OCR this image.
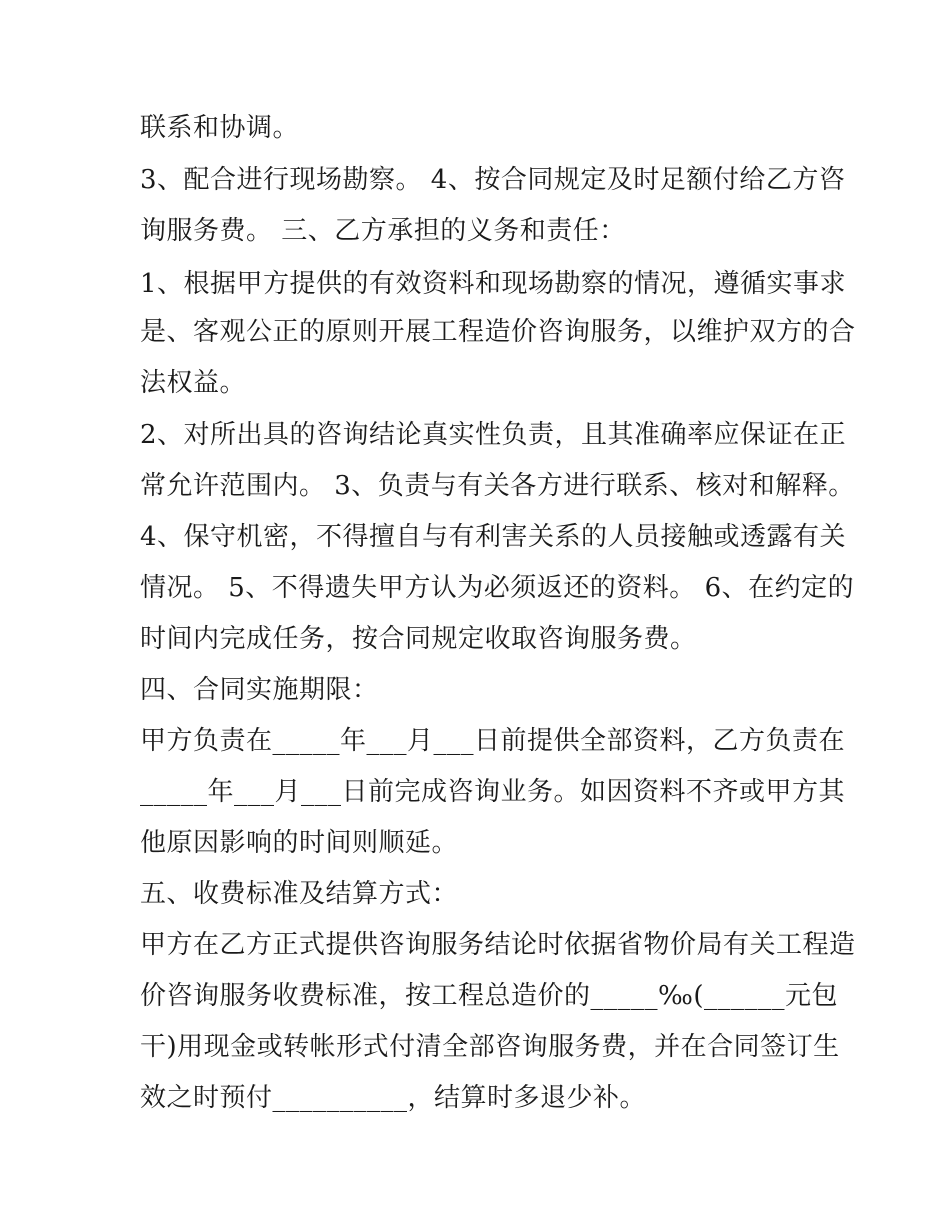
联系和协调。
3、配合进行现场勘察。 4、按合同规定及时足额付给乙方咨
询服务费。 三、乙方承担的义务和责任：
1、根据甲方提供的有效资料和现场勘察的情况，遵循实事求
是、客观公正的原则开展工程造价咨询服务，以维护双方的合
法权益。
2、对所出具的咨询结论真实性负责，且其准确率应保证在正
常允许范围内。 3、负责与有关各方进行联系、核对和解释。
4、保守机密，不得擅自与有利害关系的人员接触或透露有关
情况。 5、不得遗失甲方认为必须返还的资料。 6、在约定的
时间内完成任务，按合同规定收取咨询服务费。
四、合同实施期限：
甲方负责在_____年___月___日前提供全部资料，乙方负责在
_____年___月___日前完成咨询业务。如因资料不齐或甲方其
他原因影响的时间则顺延。
五、收费标准及结算方式：
甲方在乙方正式提供咨询服务结论时依据省物价局有关工程造
价咨询服务收费标准，按工程总造价的_____‰(______元包
干)用现金或转帐形式付清全部咨询服务费，并在合同签订生
效之时预付__________，结算时多退少补。
